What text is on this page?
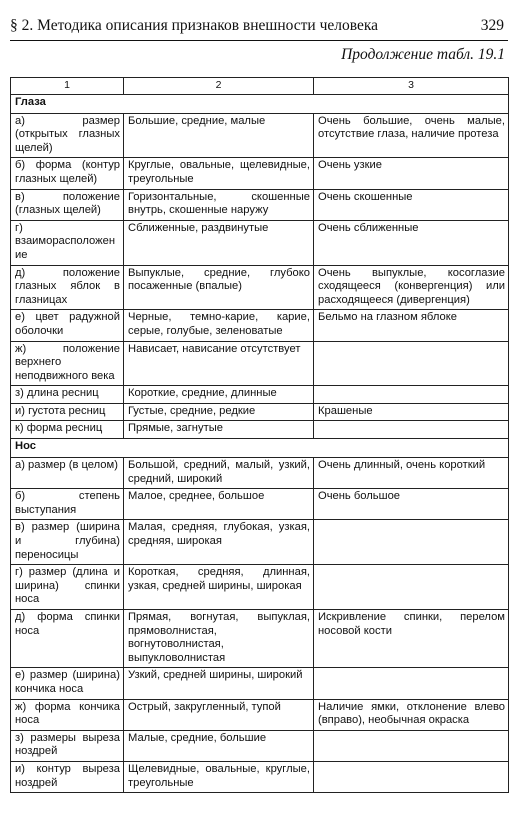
§ 2. Методика описания признаков внешности человека	329
Продолжение табл. 19.1
1	2	3
Глаза		
а) размер (открытых глазных щелей)	Большие, средние, малые	Очень большие, очень малые, отсутствие глаза, наличие протеза
б) форма (контур глазных щелей)	Круглые, овальные, щелевидные, треугольные	Очень узкие
в) положение (глазных щелей)	Горизонтальные, скошенные внутрь, скошенные наружу	Очень скошенные
г) взаиморасположение	Сближенные, раздвинутые	Очень сближенные
д) положение глазных яблок в глазницах	Выпуклые, средние, глубоко посаженные (впалые)	Очень выпуклые, косоглазие сходящееся (конвергенция) или расходящееся (дивергенция)
е) цвет радужной оболочки	Черные, темно-карие, карие, серые, голубые, зеленоватые	Бельмо на глазном яблоке
ж) положение верхнего неподвижного века	Нависает, нависание отсутствует	
з) длина ресниц	Короткие, средние, длинные	
и) густота ресниц	Густые, средние, редкие	Крашеные
к) форма ресниц	Прямые, загнутые	
Нос		
а) размер (в целом)	Большой, средний, малый, узкий, средний, широкий	Очень длинный, очень короткий
б) степень выступания	Малое, среднее, большое	Очень большое
в) размер (ширина и глубина) переносицы	Малая, средняя, глубокая, узкая, средняя, широкая	
г) размер (длина и ширина) спинки носа	Короткая, средняя, длинная, узкая, средней ширины, широкая	
д) форма спинки носа	Прямая, вогнутая, выпуклая, прямоволнистая, вогнутоволнистая, выпукловолнистая	Искривление спинки, перелом носовой кости
е) размер (ширина) кончика носа	Узкий, средней ширины, широкий	
ж) форма кончика носа	Острый, закругленный, тупой	Наличие ямки, отклонение влево (вправо), необычная окраска
з) размеры выреза ноздрей	Малые, средние, большие	
и) контур выреза ноздрей	Щелевидные, овальные, круглые, треугольные	
